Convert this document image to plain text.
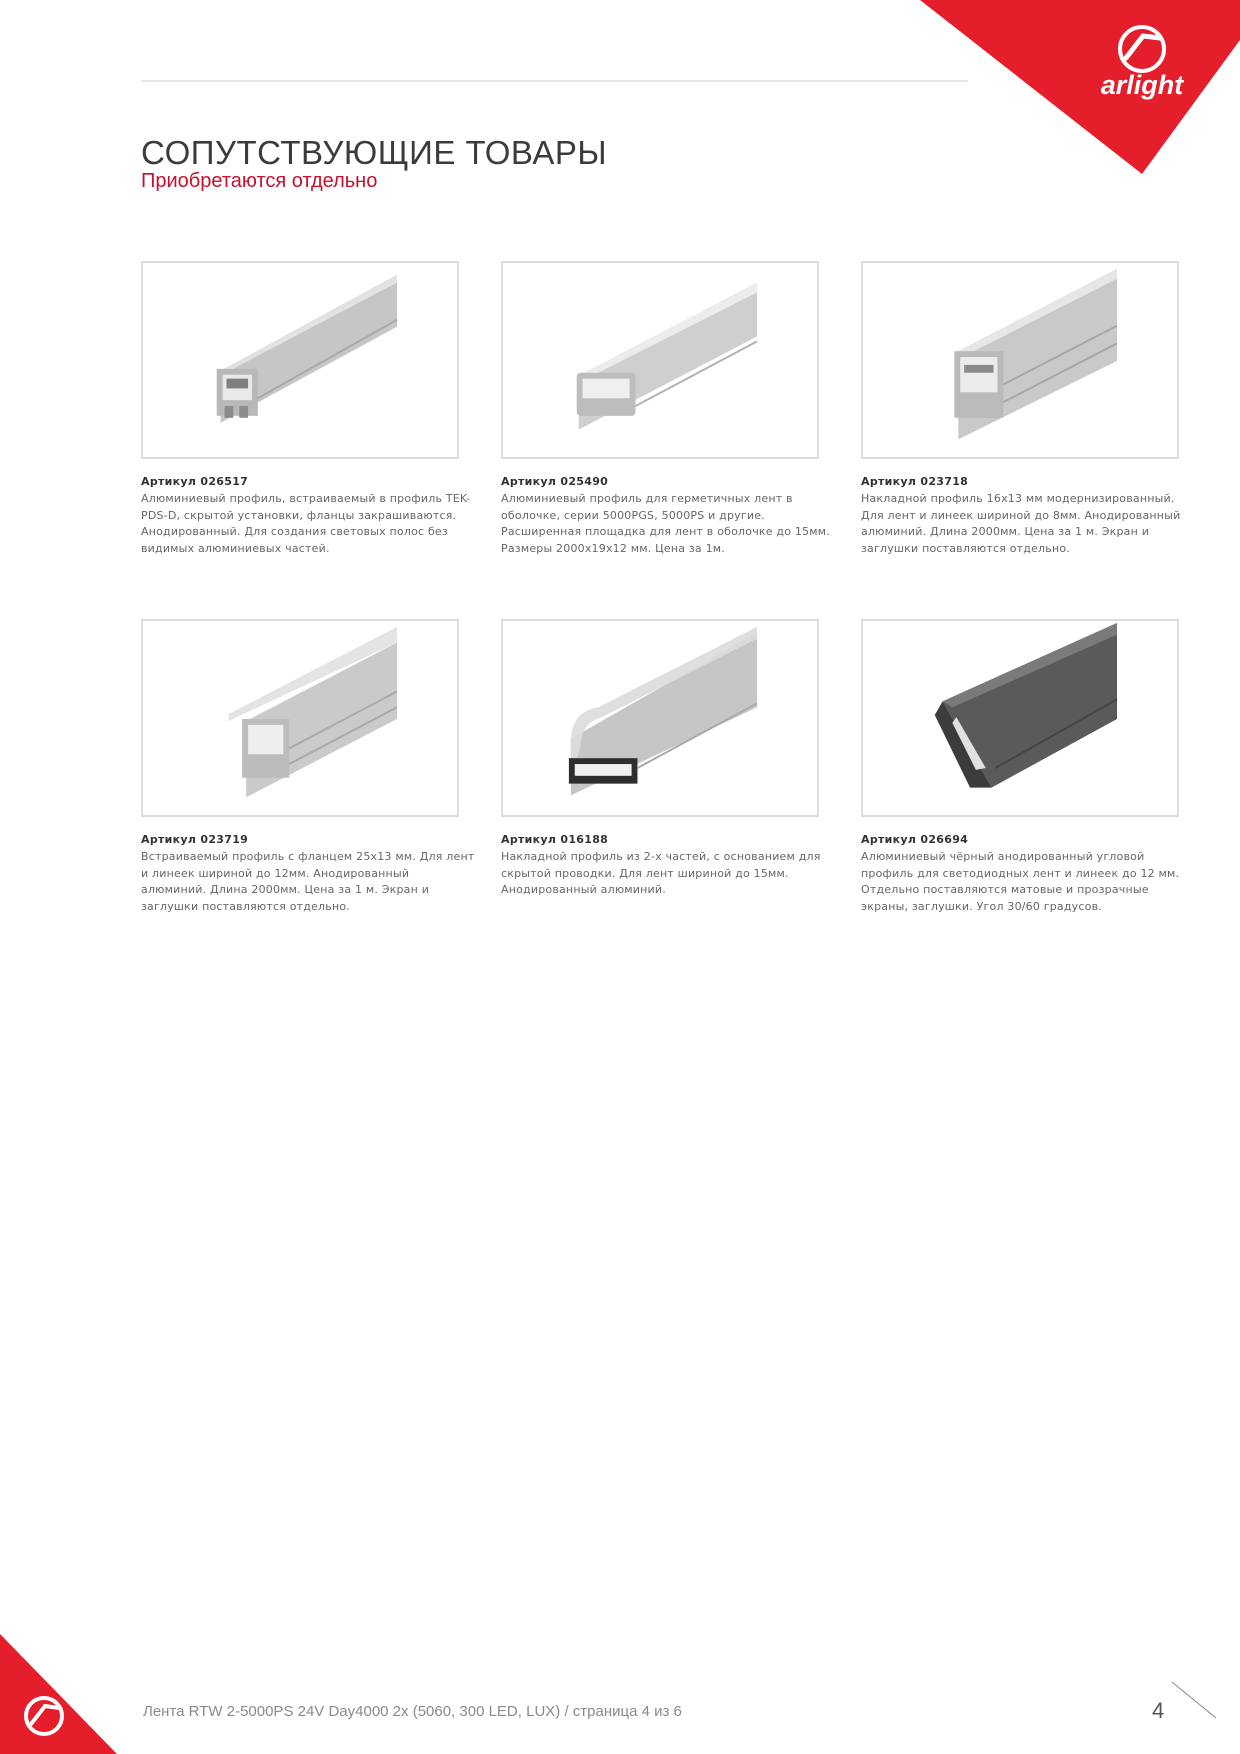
arlight
СОПУТСТВУЮЩИЕ ТОВАРЫ
Приобретаются отдельно
Артикул 026517
Алюминиевый профиль, встраиваемый в профиль TEK-PDS-D, скрытой установки, фланцы закрашиваются. Анодированный. Для создания световых полос без видимых алюминиевых частей.
Артикул 025490
Алюминиевый профиль для герметичных лент в оболочке, серии 5000PGS, 5000PS и другие. Расширенная площадка для лент в оболочке до 15мм. Размеры 2000x19x12 мм. Цена за 1м.
Артикул 023718
Накладной профиль 16x13 мм модернизированный. Для лент и линеек шириной до 8мм. Анодированный алюминий. Длина 2000мм. Цена за 1 м. Экран и заглушки поставляются отдельно.
Артикул 023719
Встраиваемый профиль с фланцем 25x13 мм. Для лент и линеек шириной до 12мм. Анодированный алюминий. Длина 2000мм. Цена за 1 м. Экран и заглушки поставляются отдельно.
Артикул 016188
Накладной профиль из 2-х частей, с основанием для скрытой проводки. Для лент шириной до 15мм. Анодированный алюминий.
Артикул 026694
Алюминиевый чёрный анодированный угловой профиль для светодиодных лент и линеек до 12 мм. Отдельно поставляются матовые и прозрачные экраны, заглушки. Угол 30/60 градусов.
Лента RTW 2-5000PS 24V Day4000 2x (5060, 300 LED, LUX) / страница 4 из 6	4
